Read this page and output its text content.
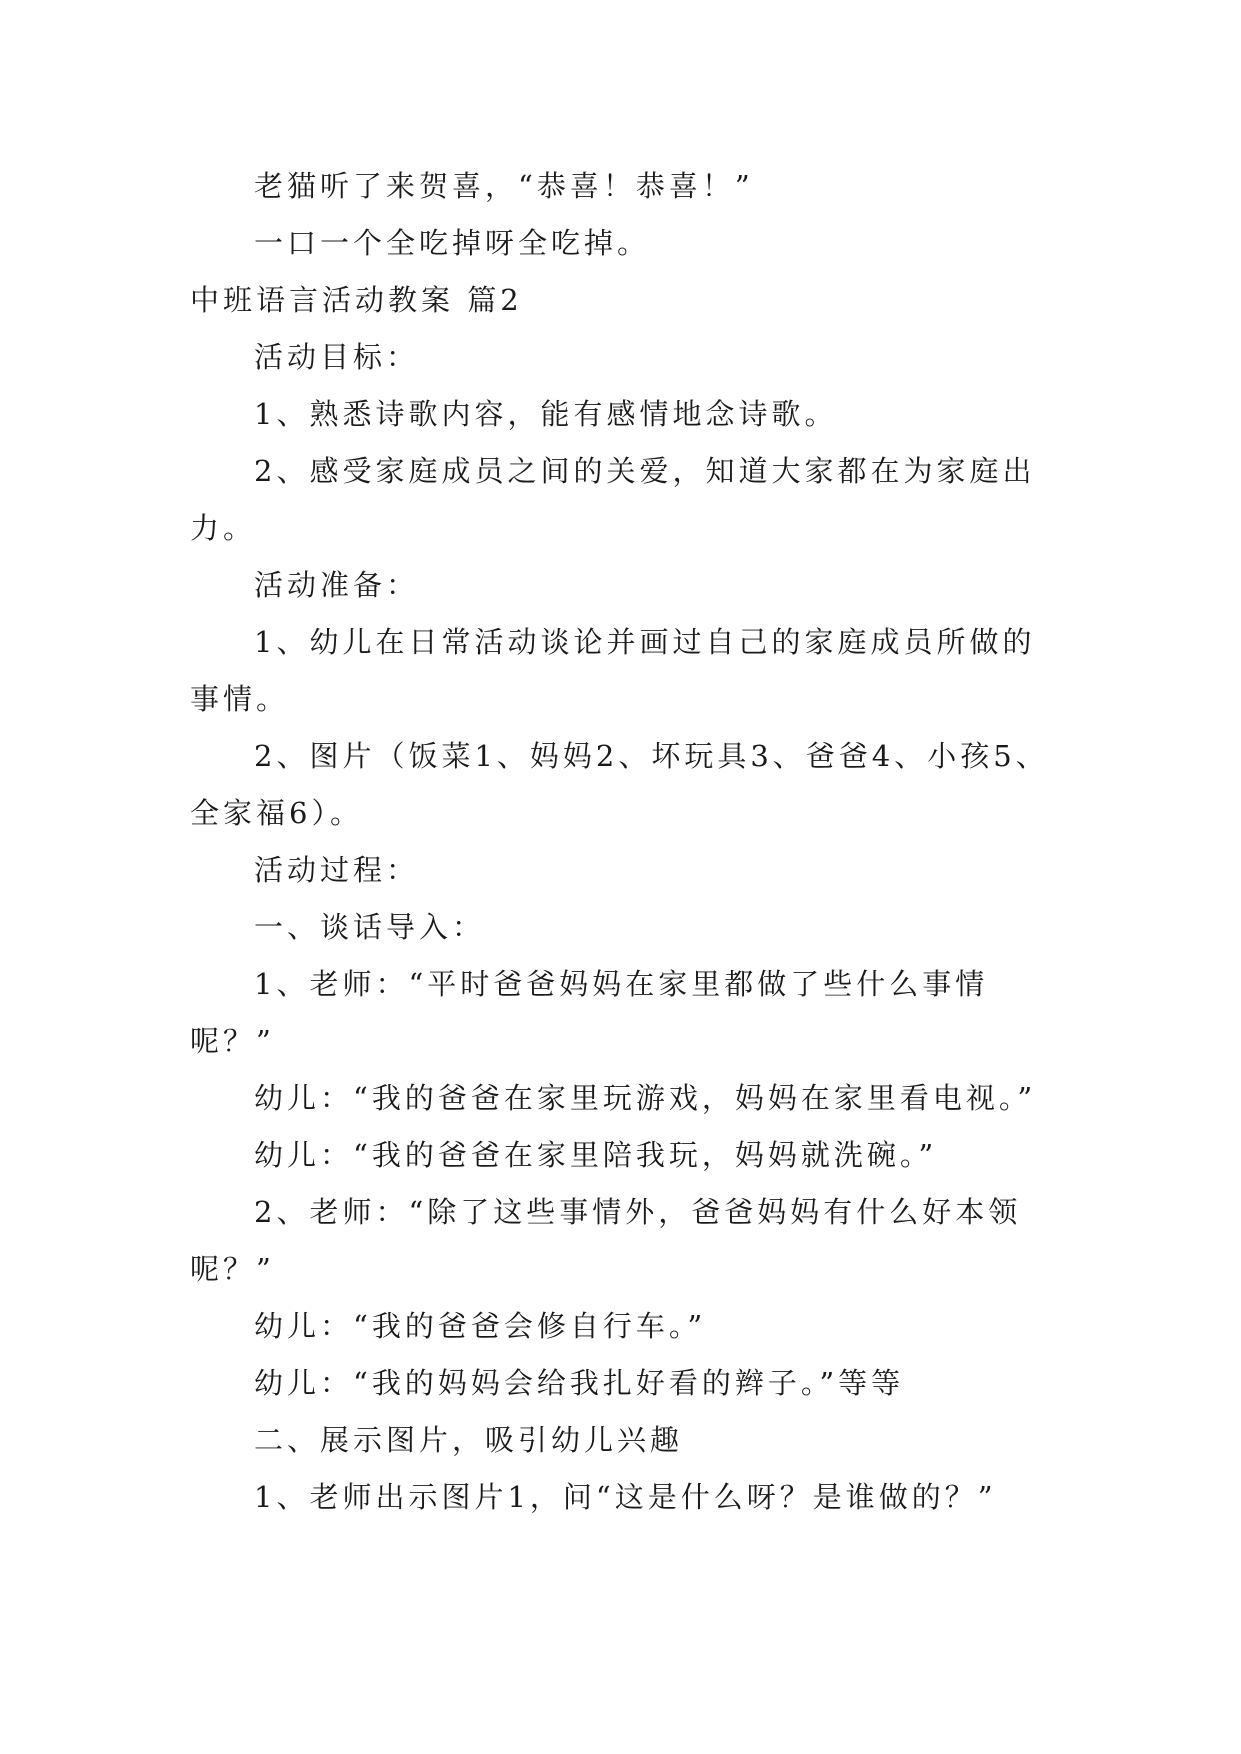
老猫听了来贺喜，“恭喜！恭喜！”

一口一个全吃掉呀全吃掉。

中班语言活动教案 篇2

活动目标：

1、熟悉诗歌内容，能有感情地念诗歌。

2、感受家庭成员之间的关爱，知道大家都在为家庭出

力。

活动准备：

1、幼儿在日常活动谈论并画过自己的家庭成员所做的

事情。

2、图片（饭菜1、妈妈2、坏玩具3、爸爸4、小孩5、

全家福6）。

活动过程：

一、谈话导入：

1、老师：“平时爸爸妈妈在家里都做了些什么事情

呢？”

幼儿：“我的爸爸在家里玩游戏，妈妈在家里看电视。”

幼儿：“我的爸爸在家里陪我玩，妈妈就洗碗。”

2、老师：“除了这些事情外，爸爸妈妈有什么好本领

呢？”

幼儿：“我的爸爸会修自行车。”

幼儿：“我的妈妈会给我扎好看的辫子。”等等

二、展示图片，吸引幼儿兴趣

1、老师出示图片1，问“这是什么呀？是谁做的？”
